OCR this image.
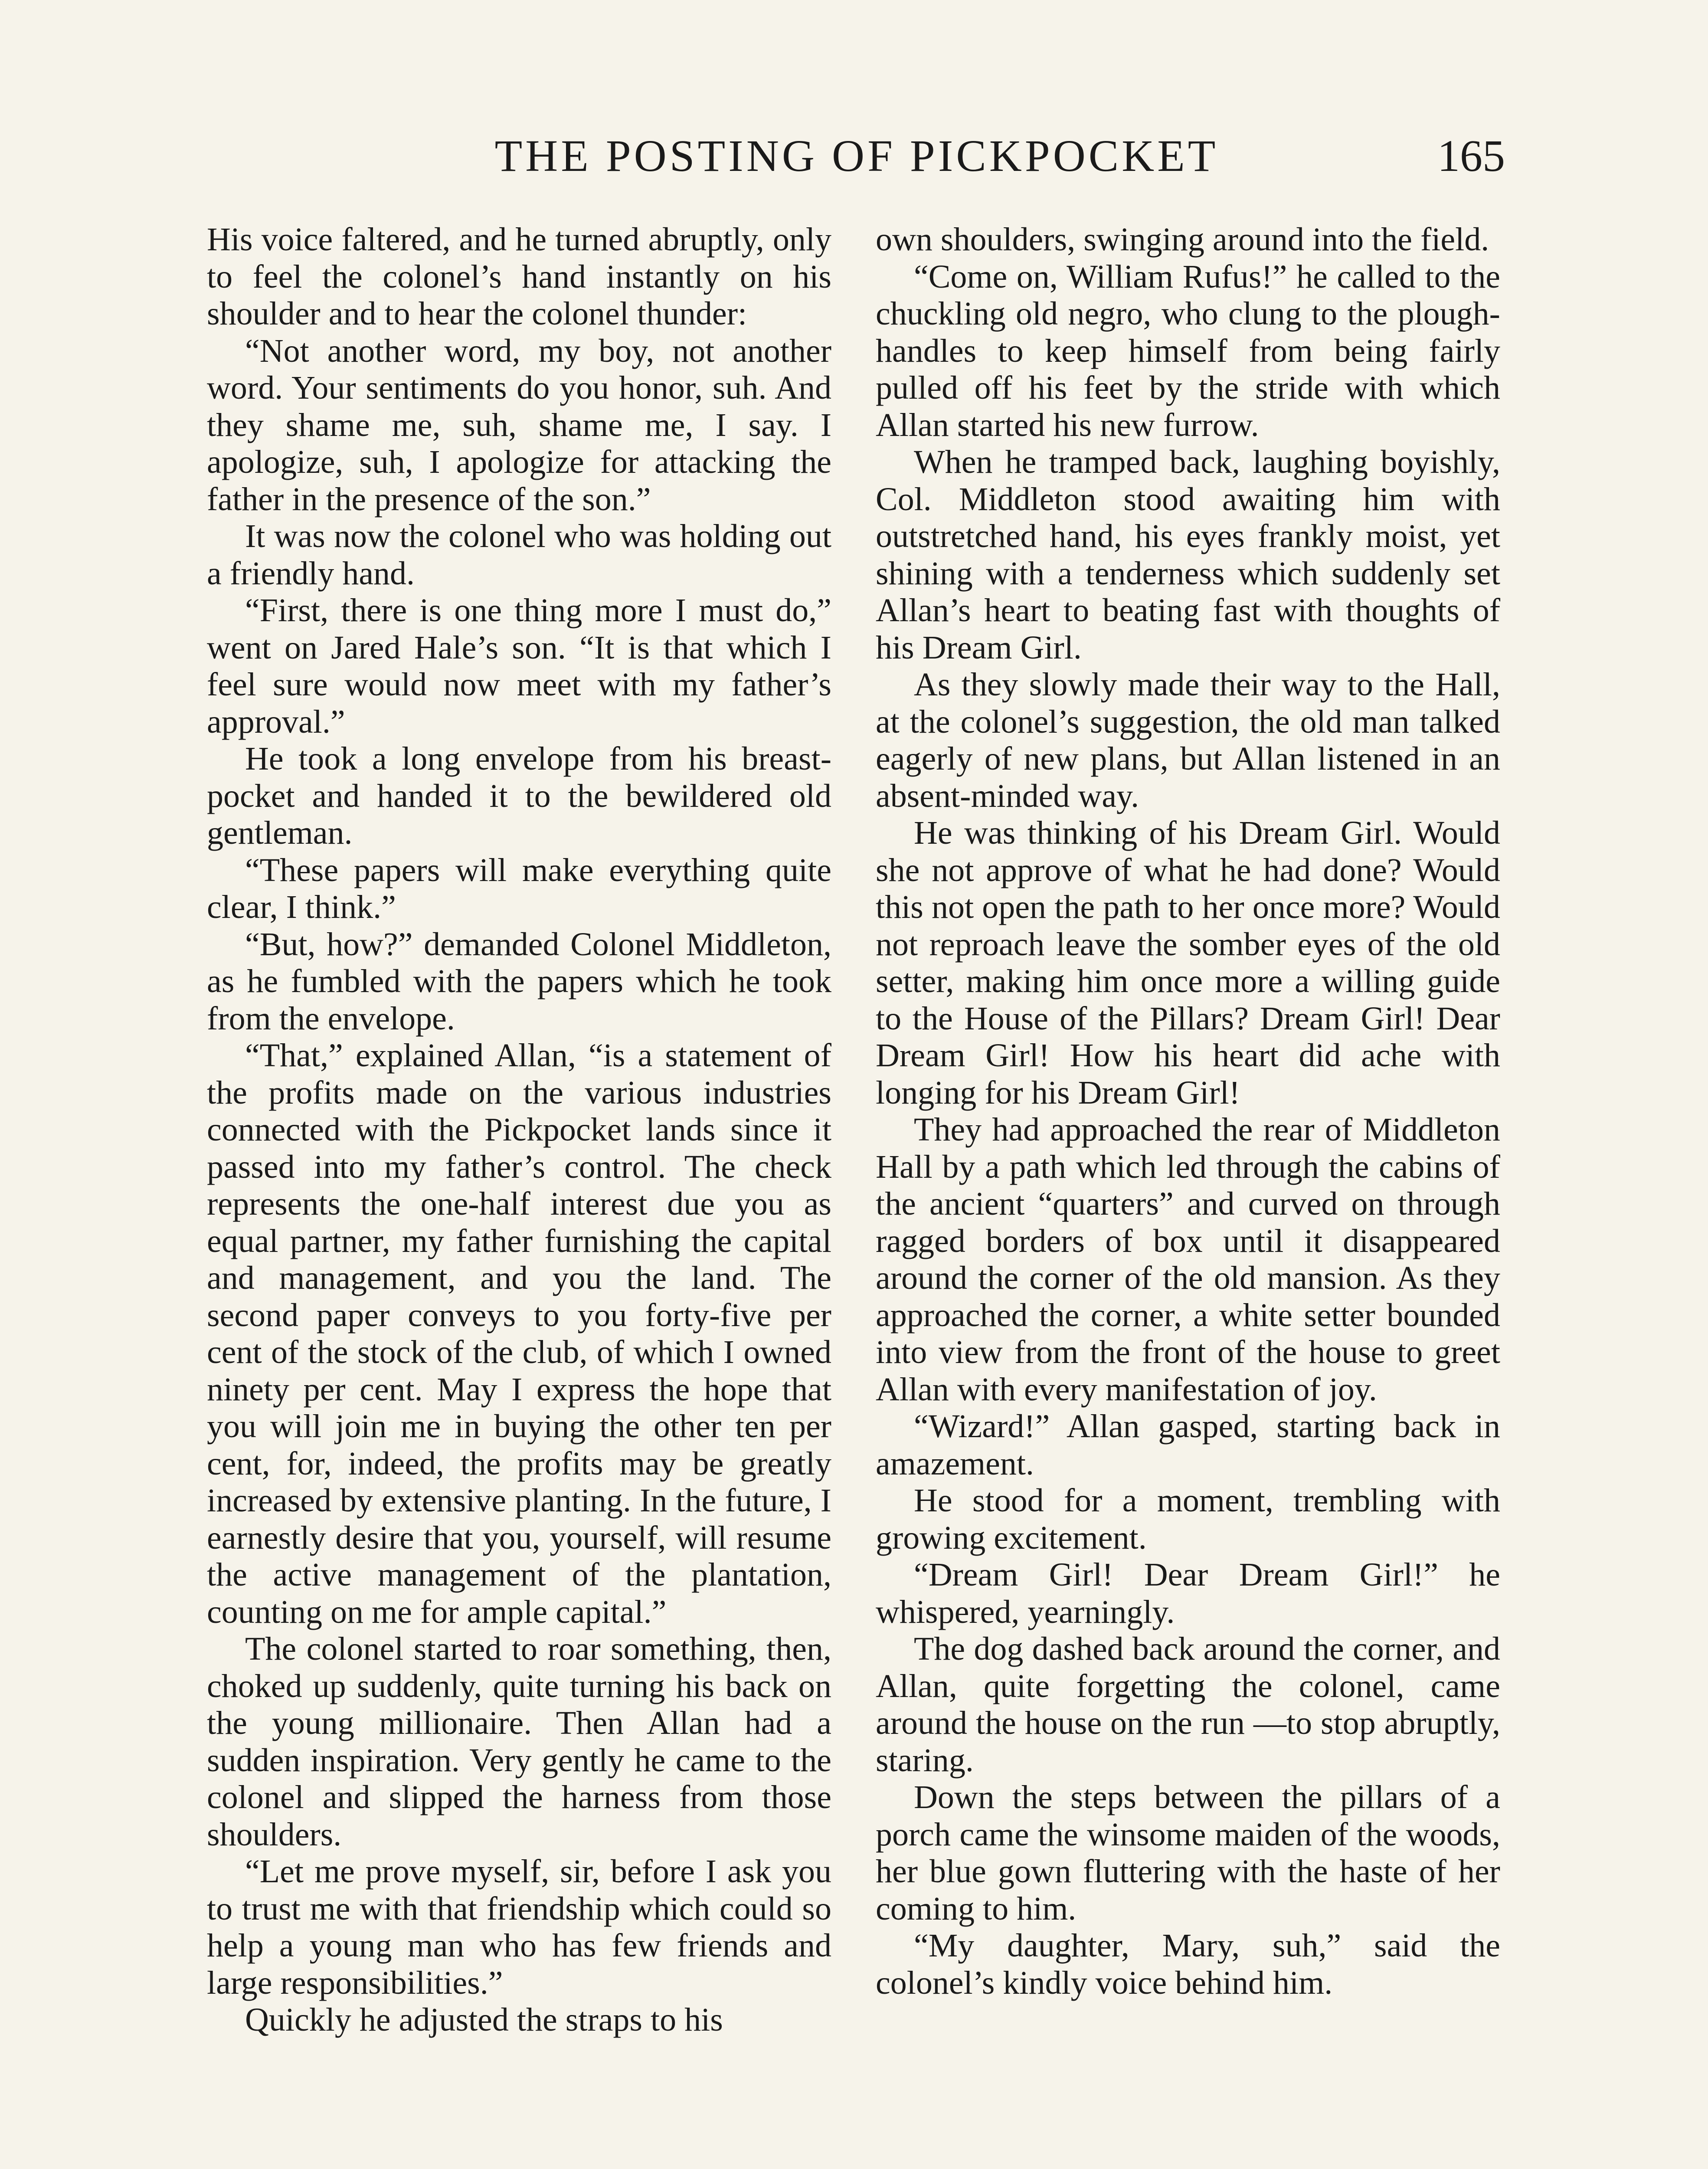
THE POSTING OF PICKPOCKET	165

His voice faltered, and he turned abruptly, only to feel the colonel’s hand instantly on his shoulder and to hear the colonel thunder:

“Not another word, my boy, not another word. Your sentiments do you honor, suh. And they shame me, suh, shame me, I say. I apologize, suh, I apologize for attacking the father in the presence of the son.”

It was now the colonel who was holding out a friendly hand.

“First, there is one thing more I must do,” went on Jared Hale’s son. “It is that which I feel sure would now meet with my father’s approval.”

He took a long envelope from his breast-pocket and handed it to the bewildered old gentleman.

“These papers will make everything quite clear, I think.”

“But, how?” demanded Colonel Middleton, as he fumbled with the papers which he took from the envelope.

“That,” explained Allan, “is a statement of the profits made on the various industries connected with the Pickpocket lands since it passed into my father’s control. The check represents the one-half interest due you as equal partner, my father furnishing the capital and management, and you the land. The second paper conveys to you forty-five per cent of the stock of the club, of which I owned ninety per cent. May I express the hope that you will join me in buying the other ten per cent, for, indeed, the profits may be greatly increased by extensive planting. In the future, I earnestly desire that you, yourself, will resume the active management of the plantation, counting on me for ample capital.”

The colonel started to roar something, then, choked up suddenly, quite turning his back on the young millionaire. Then Allan had a sudden inspiration. Very gently he came to the colonel and slipped the harness from those shoulders.

“Let me prove myself, sir, before I ask you to trust me with that friendship which could so help a young man who has few friends and large responsibilities.”

Quickly he adjusted the straps to his

own shoulders, swinging around into the field.

“Come on, William Rufus!” he called to the chuckling old negro, who clung to the plough-handles to keep himself from being fairly pulled off his feet by the stride with which Allan started his new furrow.

When he tramped back, laughing boyishly, Col. Middleton stood awaiting him with outstretched hand, his eyes frankly moist, yet shining with a tenderness which suddenly set Allan’s heart to beating fast with thoughts of his Dream Girl.

As they slowly made their way to the Hall, at the colonel’s suggestion, the old man talked eagerly of new plans, but Allan listened in an absent-minded way.

He was thinking of his Dream Girl. Would she not approve of what he had done? Would this not open the path to her once more? Would not reproach leave the somber eyes of the old setter, making him once more a willing guide to the House of the Pillars? Dream Girl! Dear Dream Girl! How his heart did ache with longing for his Dream Girl!

They had approached the rear of Middleton Hall by a path which led through the cabins of the ancient “quarters” and curved on through ragged borders of box until it disappeared around the corner of the old mansion. As they approached the corner, a white setter bounded into view from the front of the house to greet Allan with every manifestation of joy.

“Wizard!” Allan gasped, starting back in amazement.

He stood for a moment, trembling with growing excitement.

“Dream Girl! Dear Dream Girl!” he whispered, yearningly.

The dog dashed back around the corner, and Allan, quite forgetting the colonel, came around the house on the run —to stop abruptly, staring.

Down the steps between the pillars of a porch came the winsome maiden of the woods, her blue gown fluttering with the haste of her coming to him.

“My daughter, Mary, suh,” said the colonel’s kindly voice behind him.
